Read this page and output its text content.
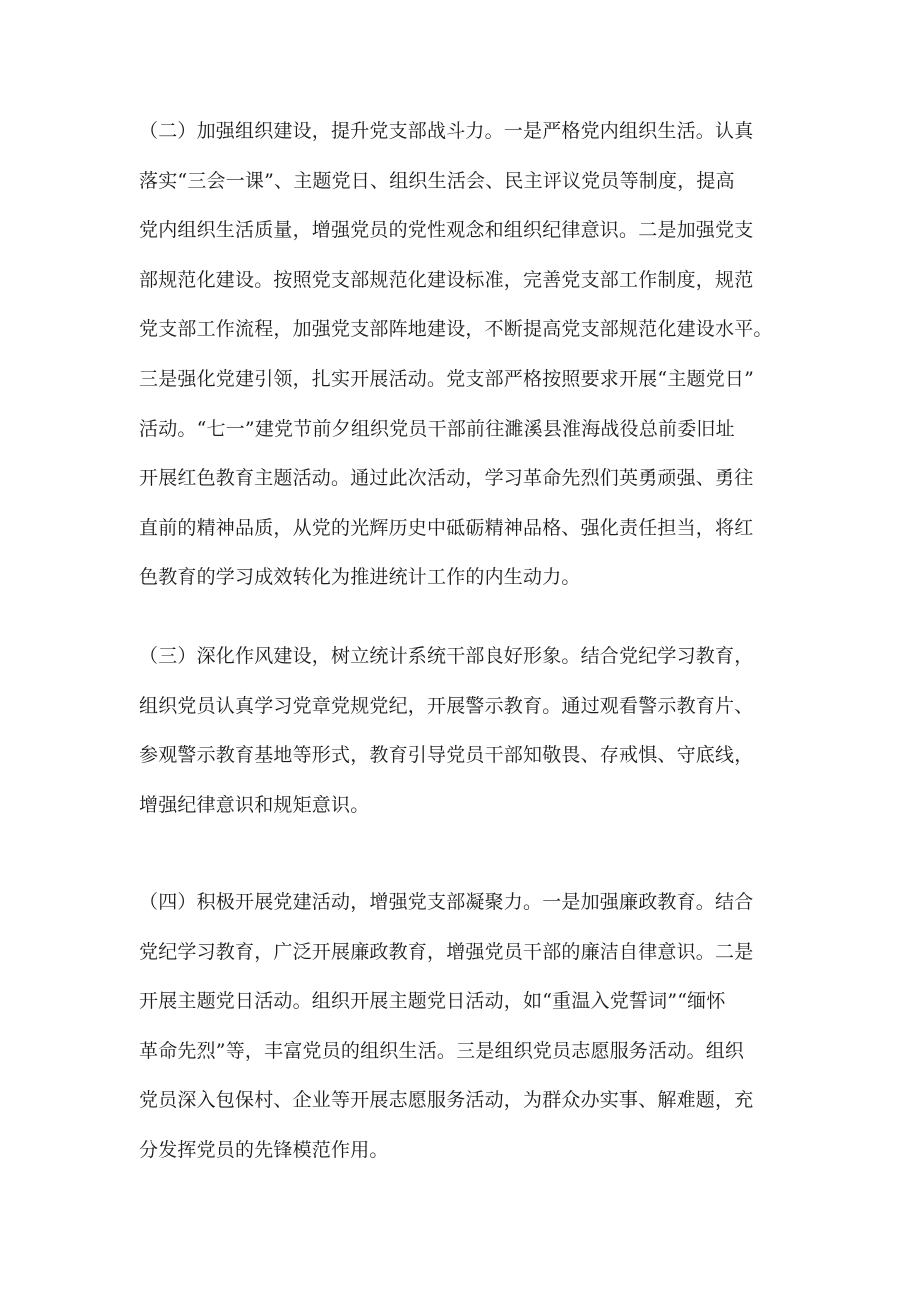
（二）加强组织建设，提升党支部战斗力。一是严格党内组织生活。认真
落实“三会一课”、主题党日、组织生活会、民主评议党员等制度，提高
党内组织生活质量，增强党员的党性观念和组织纪律意识。二是加强党支
部规范化建设。按照党支部规范化建设标准，完善党支部工作制度，规范
党支部工作流程，加强党支部阵地建设，不断提高党支部规范化建设水平。
三是强化党建引领，扎实开展活动。党支部严格按照要求开展“主题党日”
活动。“七一”建党节前夕组织党员干部前往濉溪县淮海战役总前委旧址
开展红色教育主题活动。通过此次活动，学习革命先烈们英勇顽强、勇往
直前的精神品质，从党的光辉历史中砥砺精神品格、强化责任担当，将红
色教育的学习成效转化为推进统计工作的内生动力。

（三）深化作风建设，树立统计系统干部良好形象。结合党纪学习教育，
组织党员认真学习党章党规党纪，开展警示教育。通过观看警示教育片、
参观警示教育基地等形式，教育引导党员干部知敬畏、存戒惧、守底线，
增强纪律意识和规矩意识。

（四）积极开展党建活动，增强党支部凝聚力。一是加强廉政教育。结合
党纪学习教育，广泛开展廉政教育，增强党员干部的廉洁自律意识。二是
开展主题党日活动。组织开展主题党日活动，如“重温入党誓词”“缅怀
革命先烈”等，丰富党员的组织生活。三是组织党员志愿服务活动。组织
党员深入包保村、企业等开展志愿服务活动，为群众办实事、解难题，充
分发挥党员的先锋模范作用。
